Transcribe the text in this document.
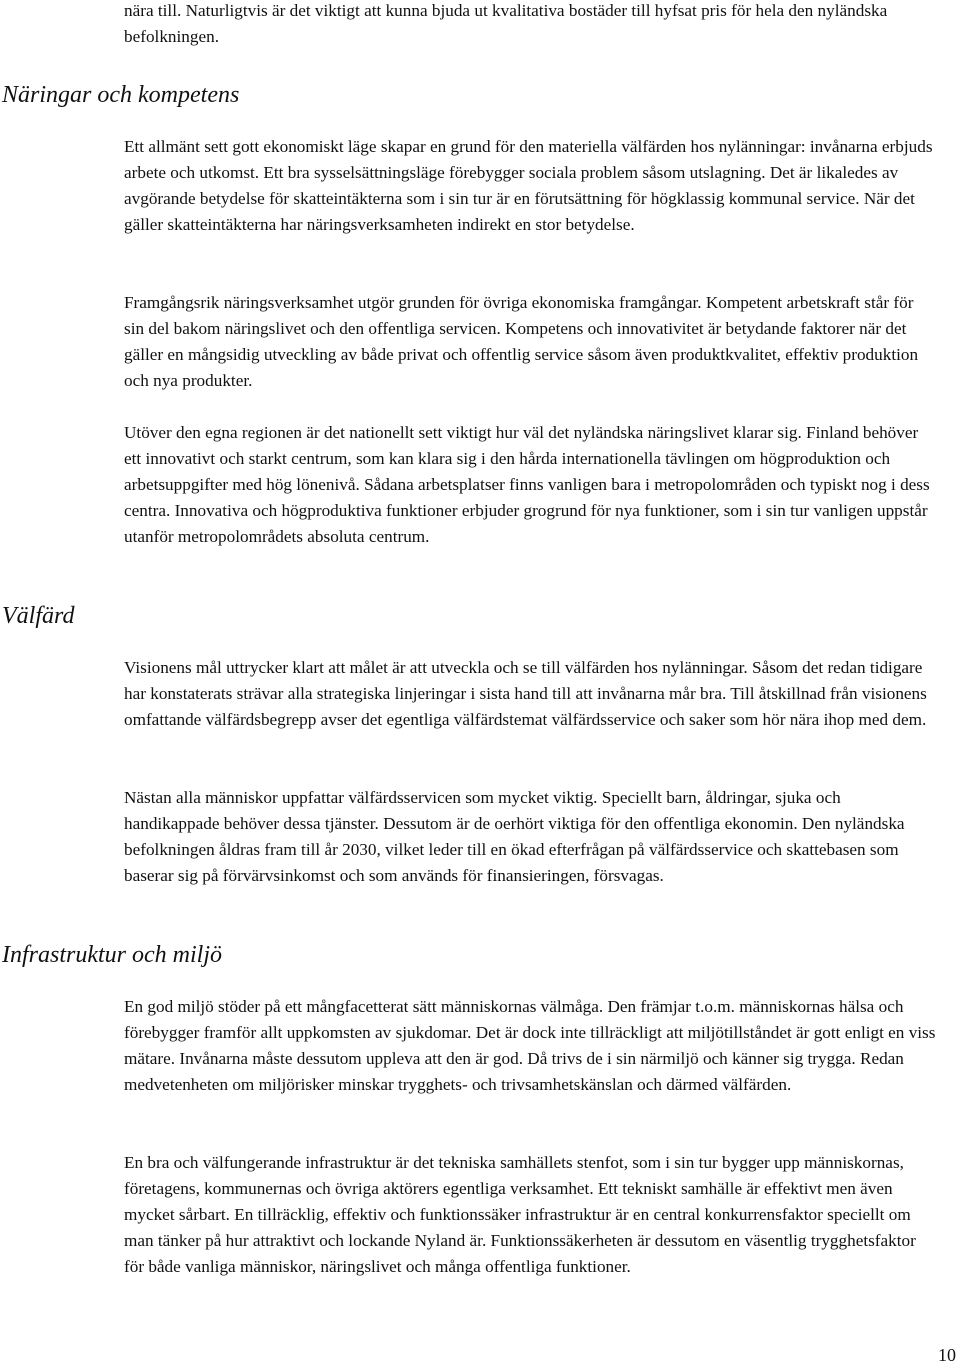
nära till. Naturligtvis är det viktigt att kunna bjuda ut kvalitativa bostäder till hyfsat pris för hela den nyländska befolkningen.

Näringar och kompetens

Ett allmänt sett gott ekonomiskt läge skapar en grund för den materiella välfärden hos nylänningar: invånarna erbjuds arbete och utkomst. Ett bra sysselsättningsläge förebygger sociala problem såsom utslagning. Det är likaledes av avgörande betydelse för skatteintäkterna som i sin tur är en förutsättning för högklassig kommunal service. När det gäller skatteintäkterna har näringsverksamheten indirekt en stor betydelse.

Framgångsrik näringsverksamhet utgör grunden för övriga ekonomiska framgångar. Kompetent arbetskraft står för sin del bakom näringslivet och den offentliga servicen. Kompetens och innovativitet är betydande faktorer när det gäller en mångsidig utveckling av både privat och offentlig service såsom även produktkvalitet, effektiv produktion och nya produkter.

Utöver den egna regionen är det nationellt sett viktigt hur väl det nyländska näringslivet klarar sig. Finland behöver ett innovativt och starkt centrum, som kan klara sig i den hårda internationella tävlingen om högproduktion och arbetsuppgifter med hög lönenivå. Sådana arbetsplatser finns vanligen bara i metropolområden och typiskt nog i dess centra. Innovativa och högproduktiva funktioner erbjuder grogrund för nya funktioner, som i sin tur vanligen uppstår utanför metropolområdets absoluta centrum.

Välfärd

Visionens mål uttrycker klart att målet är att utveckla och se till välfärden hos nylänningar. Såsom det redan tidigare har konstaterats strävar alla strategiska linjeringar i sista hand till att invånarna mår bra. Till åtskillnad från visionens omfattande välfärdsbegrepp avser det egentliga välfärdstemat välfärdsservice och saker som hör nära ihop med dem.

Nästan alla människor uppfattar välfärdsservicen som mycket viktig. Speciellt barn, åldringar, sjuka och handikappade behöver dessa tjänster. Dessutom är de oerhört viktiga för den offentliga ekonomin. Den nyländska befolkningen åldras fram till år 2030, vilket leder till en ökad efterfrågan på välfärdsservice och skattebasen som baserar sig på förvärvsinkomst och som används för finansieringen, försvagas.

Infrastruktur och miljö

En god miljö stöder på ett mångfacetterat sätt människornas välmåga. Den främjar t.o.m. människornas hälsa och förebygger framför allt uppkomsten av sjukdomar. Det är dock inte tillräckligt att miljötillståndet är gott enligt en viss mätare. Invånarna måste dessutom uppleva att den är god. Då trivs de i sin närmiljö och känner sig trygga. Redan medvetenheten om miljörisker minskar trygghets- och trivsamhetskänslan och därmed välfärden.

En bra och välfungerande infrastruktur är det tekniska samhällets stenfot, som i sin tur bygger upp människornas, företagens, kommunernas och övriga aktörers egentliga verksamhet. Ett tekniskt samhälle är effektivt men även mycket sårbart. En tillräcklig, effektiv och funktionssäker infrastruktur är en central konkurrensfaktor speciellt om man tänker på hur attraktivt och lockande Nyland är. Funktionssäkerheten är dessutom en väsentlig trygghetsfaktor för både vanliga människor, näringslivet och många offentliga funktioner.

10
